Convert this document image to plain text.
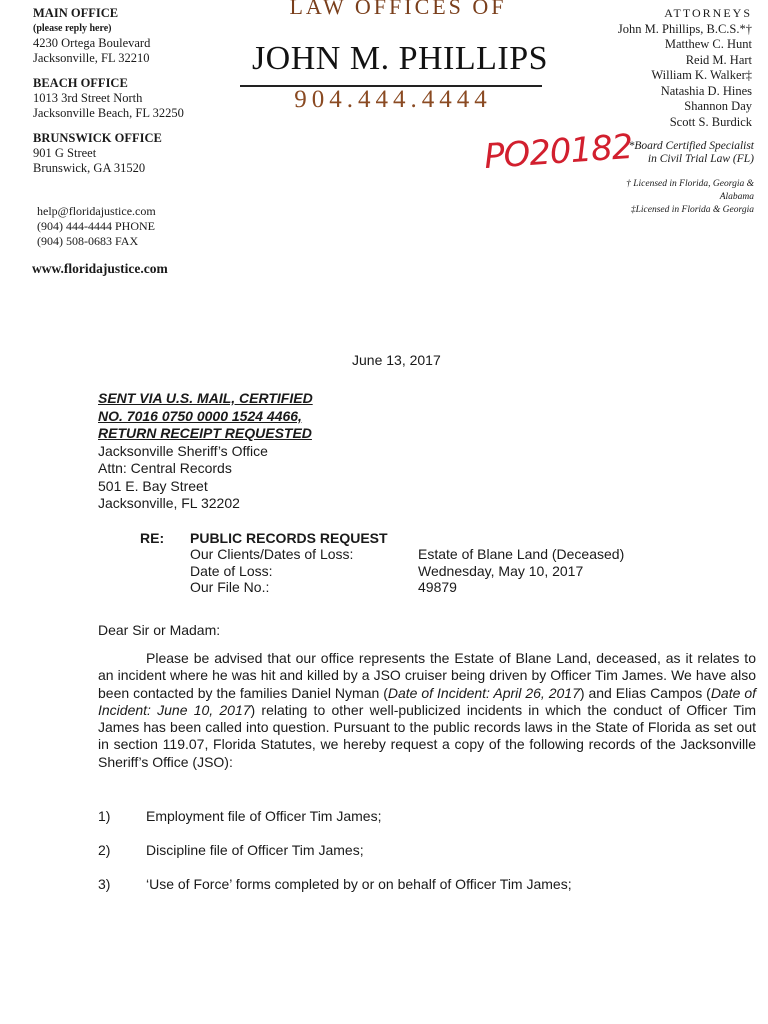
MAIN OFFICE
(please reply here)
4230 Ortega Boulevard
Jacksonville, FL 32210
BEACH OFFICE
1013 3rd Street North
Jacksonville Beach, FL 32250
BRUNSWICK OFFICE
901 G Street
Brunswick, GA 31520
help@floridajustice.com
(904) 444-4444 PHONE
(904) 508-0683 FAX
www.floridajustice.com
LAW OFFICES OF
JOHN M. PHILLIPS
904.444.4444
PO20182
ATTORNEYS
John M. Phillips, B.C.S.*†
Matthew C. Hunt
Reid M. Hart
William K. Walker‡
Natashia D. Hines
Shannon Day
Scott S. Burdick
*Board Certified Specialist
in Civil Trial Law (FL)
† Licensed in Florida, Georgia &
Alabama
‡Licensed in Florida & Georgia
June 13, 2017
SENT VIA U.S. MAIL, CERTIFIED
NO. 7016 0750 0000 1524 4466,
RETURN RECEIPT REQUESTED
Jacksonville Sheriff’s Office
Attn: Central Records
501 E. Bay Street
Jacksonville, FL 32202
RE: PUBLIC RECORDS REQUEST
Our Clients/Dates of Loss:	Estate of Blane Land (Deceased)
Date of Loss:	Wednesday, May 10, 2017
Our File No.:	49879
Dear Sir or Madam:
Please be advised that our office represents the Estate of Blane Land, deceased, as it relates to an incident where he was hit and killed by a JSO cruiser being driven by Officer Tim James. We have also been contacted by the families Daniel Nyman (Date of Incident: April 26, 2017) and Elias Campos (Date of Incident: June 10, 2017) relating to other well-publicized incidents in which the conduct of Officer Tim James has been called into question. Pursuant to the public records laws in the State of Florida as set out in section 119.07, Florida Statutes, we hereby request a copy of the following records of the Jacksonville Sheriff’s Office (JSO):
1)	Employment file of Officer Tim James;
2)	Discipline file of Officer Tim James;
3)	‘Use of Force’ forms completed by or on behalf of Officer Tim James;
